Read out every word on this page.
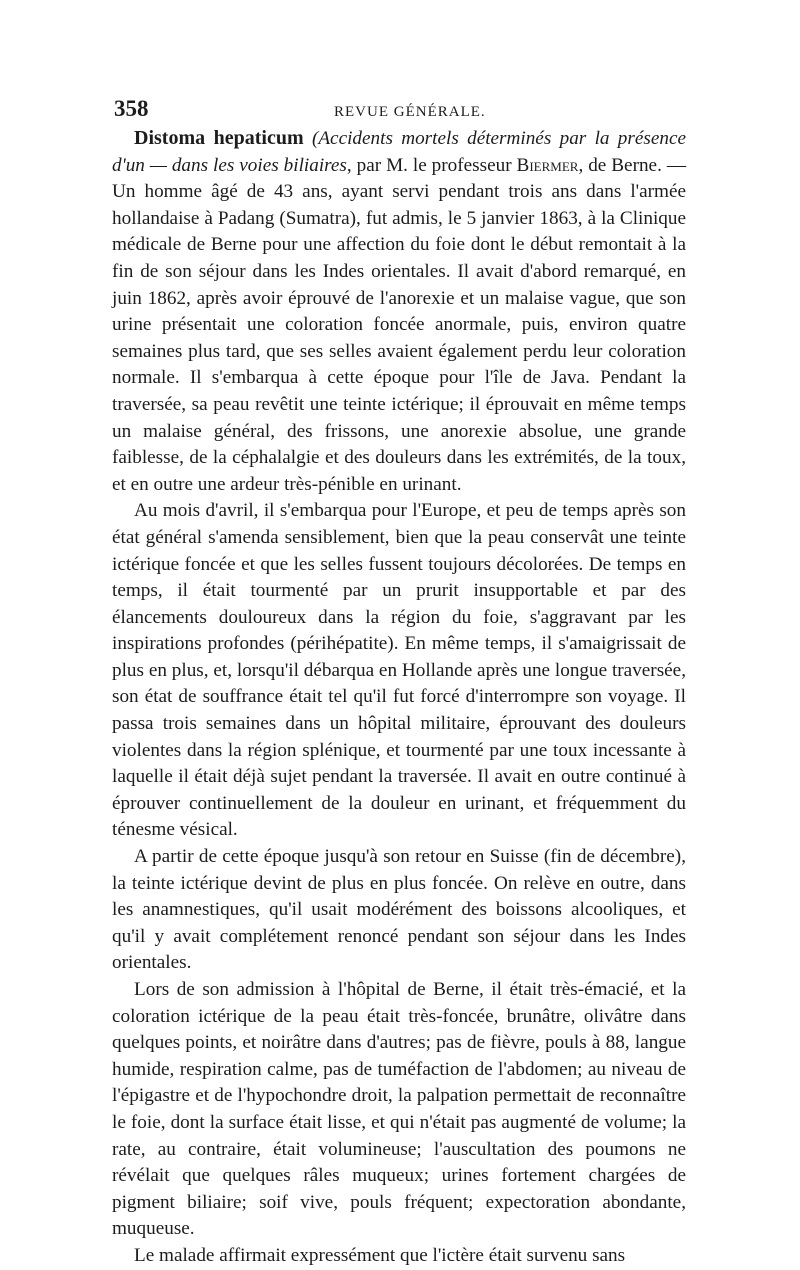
358	REVUE GÉNÉRALE.

Distoma hepaticum (Accidents mortels déterminés par la présence d'un — dans les voies biliaires, par M. le professeur Biermer, de Berne. — Un homme âgé de 43 ans, ayant servi pendant trois ans dans l'armée hollandaise à Padang (Sumatra), fut admis, le 5 janvier 1863, à la Clinique médicale de Berne pour une affection du foie dont le début remontait à la fin de son séjour dans les Indes orientales. Il avait d'abord remarqué, en juin 1862, après avoir éprouvé de l'anorexie et un malaise vague, que son urine présentait une coloration foncée anormale, puis, environ quatre semaines plus tard, que ses selles avaient également perdu leur coloration normale. Il s'embarqua à cette époque pour l'île de Java. Pendant la traversée, sa peau revêtit une teinte ictérique; il éprouvait en même temps un malaise général, des frissons, une anorexie absolue, une grande faiblesse, de la céphalalgie et des douleurs dans les extrémités, de la toux, et en outre une ardeur très-pénible en urinant.

Au mois d'avril, il s'embarqua pour l'Europe, et peu de temps après son état général s'amenda sensiblement, bien que la peau conservât une teinte ictérique foncée et que les selles fussent toujours décolorées. De temps en temps, il était tourmenté par un prurit insupportable et par des élancements douloureux dans la région du foie, s'aggravant par les inspirations profondes (périhépatite). En même temps, il s'amaigrissait de plus en plus, et, lorsqu'il débarqua en Hollande après une longue traversée, son état de souffrance était tel qu'il fut forcé d'interrompre son voyage. Il passa trois semaines dans un hôpital militaire, éprouvant des douleurs violentes dans la région splénique, et tourmenté par une toux incessante à laquelle il était déjà sujet pendant la traversée. Il avait en outre continué à éprouver continuellement de la douleur en urinant, et fréquemment du ténesme vésical.

A partir de cette époque jusqu'à son retour en Suisse (fin de décembre), la teinte ictérique devint de plus en plus foncée. On relève en outre, dans les anamnestiques, qu'il usait modérément des boissons alcooliques, et qu'il y avait complétement renoncé pendant son séjour dans les Indes orientales.

Lors de son admission à l'hôpital de Berne, il était très-émacié, et la coloration ictérique de la peau était très-foncée, brunâtre, olivâtre dans quelques points, et noirâtre dans d'autres; pas de fièvre, pouls à 88, langue humide, respiration calme, pas de tuméfaction de l'abdomen; au niveau de l'épigastre et de l'hypochondre droit, la palpation permettait de reconnaître le foie, dont la surface était lisse, et qui n'était pas augmenté de volume; la rate, au contraire, était volumineuse; l'auscultation des poumons ne révélait que quelques râles muqueux; urines fortement chargées de pigment biliaire; soif vive, pouls fréquent; expectoration abondante, muqueuse.

Le malade affirmait expressément que l'ictère était survenu sans
